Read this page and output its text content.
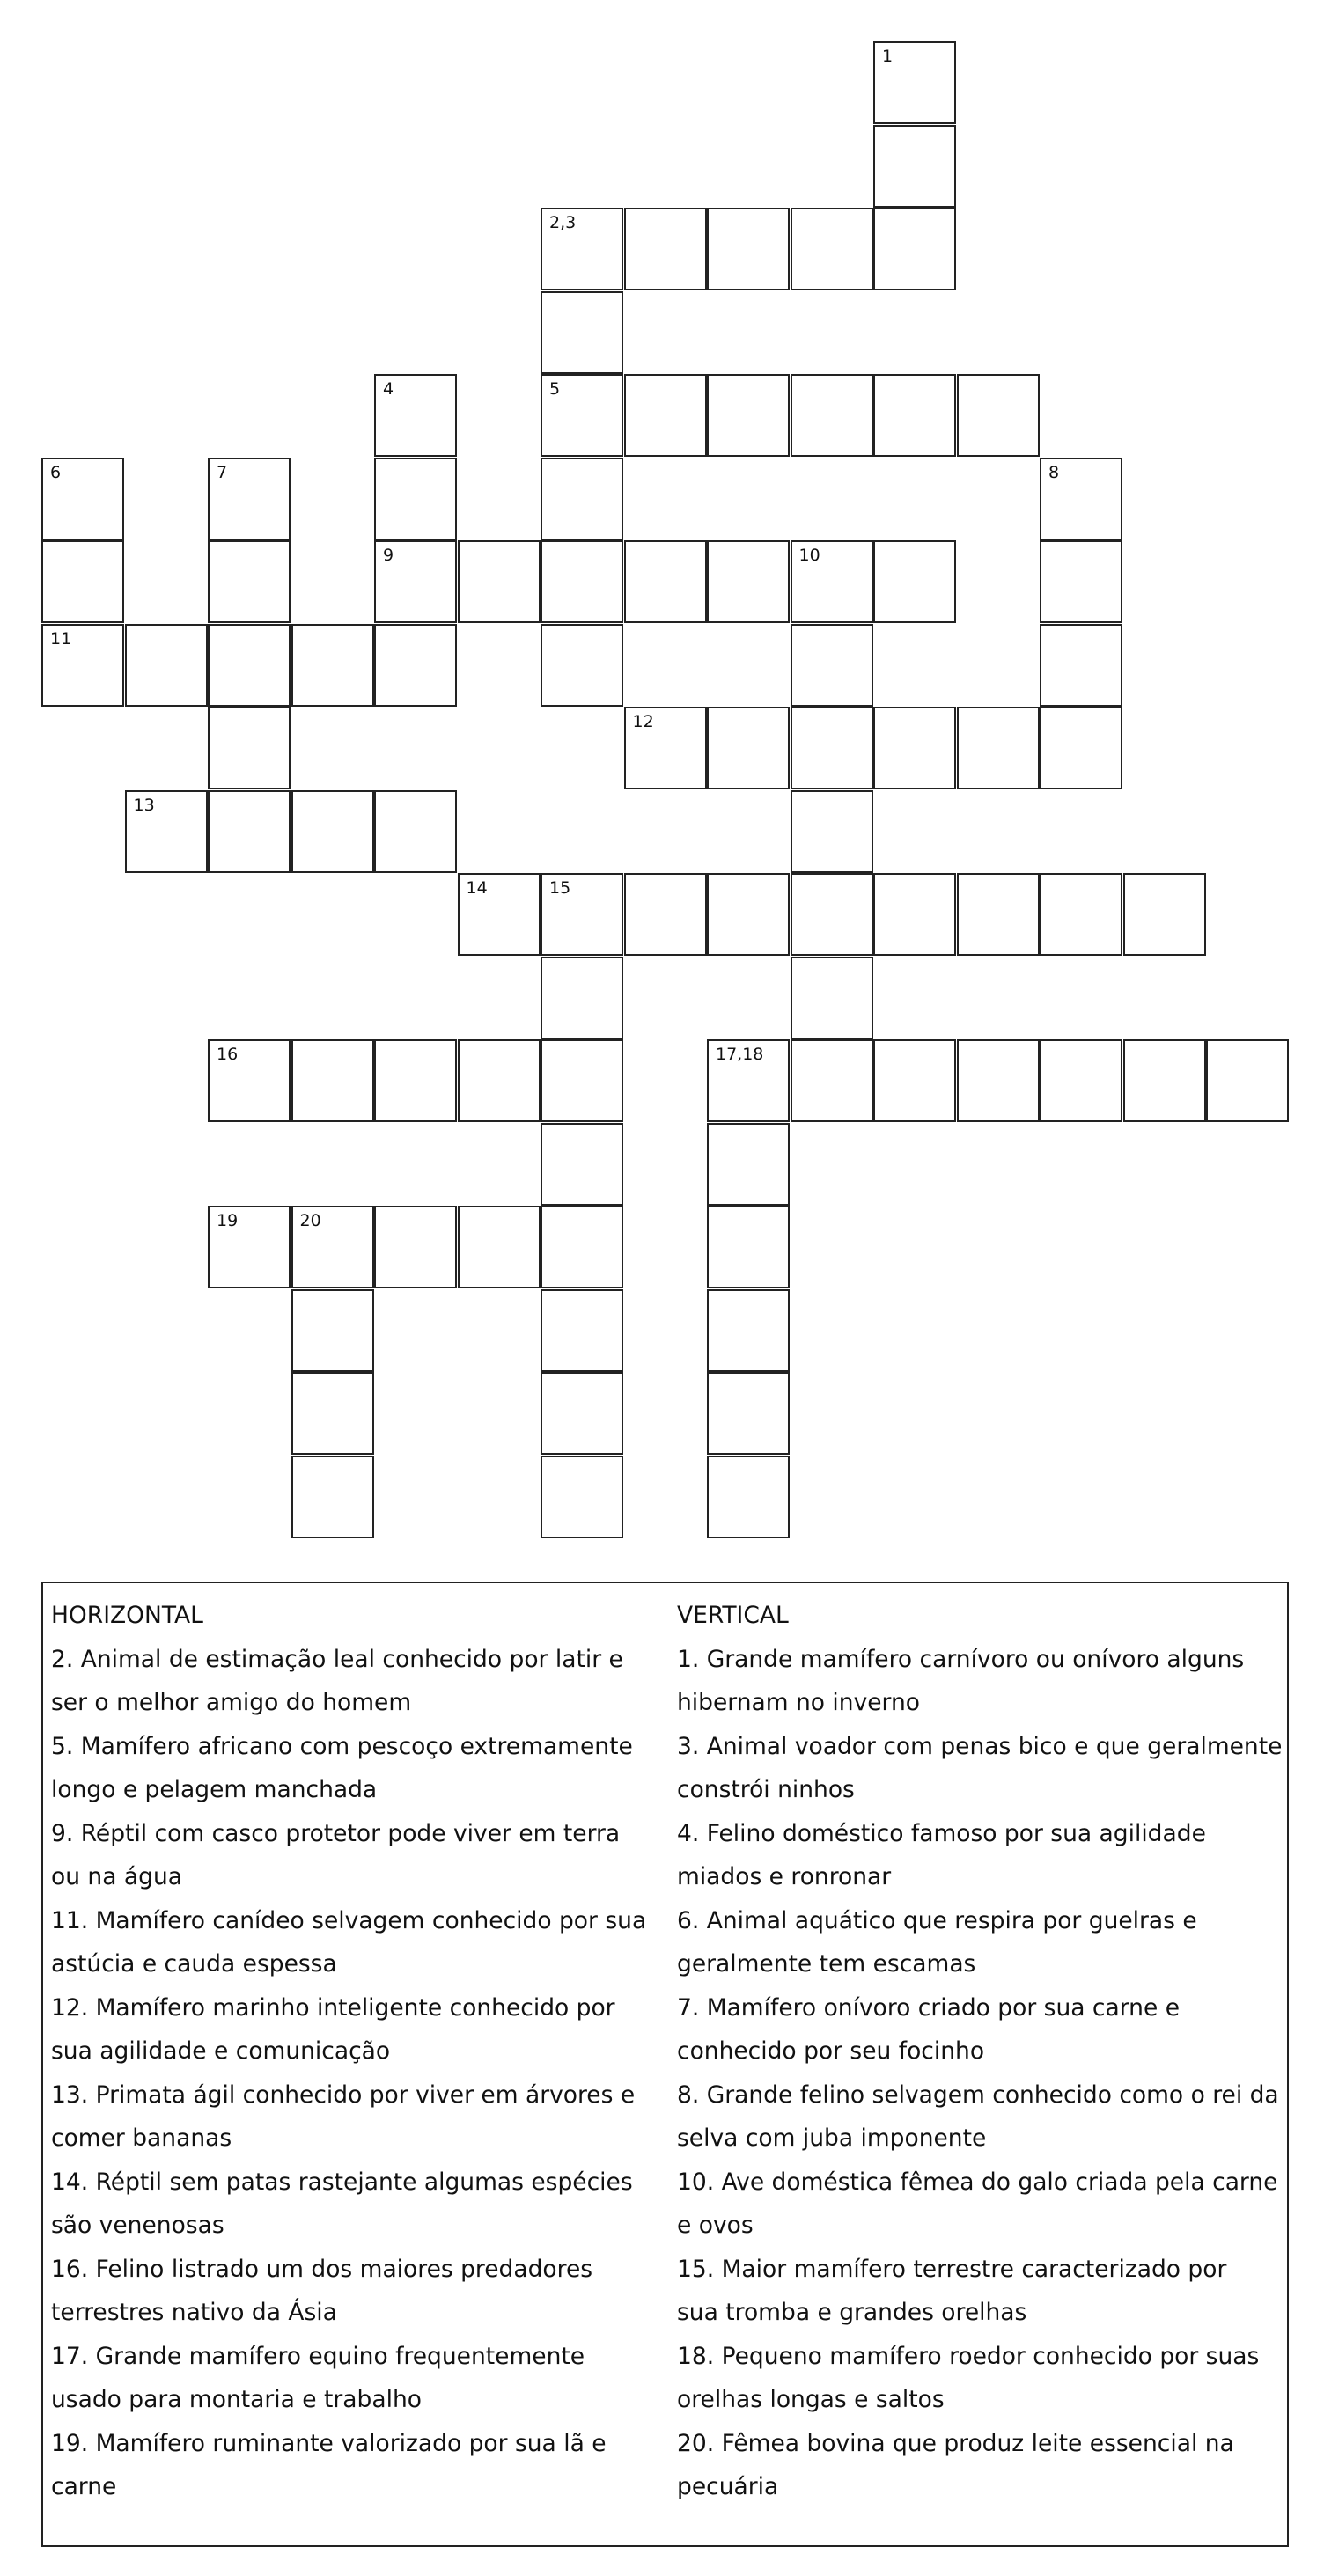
1
2,3
4	5
6	7	8
9	10
11
12
13
14	15
16	17,18
19	20
HORIZONTAL
2. Animal de estimação leal conhecido por latir e
ser o melhor amigo do homem
5. Mamífero africano com pescoço extremamente
longo e pelagem manchada
9. Réptil com casco protetor pode viver em terra
ou na água
11. Mamífero canídeo selvagem conhecido por sua
astúcia e cauda espessa
12. Mamífero marinho inteligente conhecido por
sua agilidade e comunicação
13. Primata ágil conhecido por viver em árvores e
comer bananas
14. Réptil sem patas rastejante algumas espécies
são venenosas
16. Felino listrado um dos maiores predadores
terrestres nativo da Ásia
17. Grande mamífero equino frequentemente
usado para montaria e trabalho
19. Mamífero ruminante valorizado por sua lã e
carne
VERTICAL
1. Grande mamífero carnívoro ou onívoro alguns
hibernam no inverno
3. Animal voador com penas bico e que geralmente
constrói ninhos
4. Felino doméstico famoso por sua agilidade
miados e ronronar
6. Animal aquático que respira por guelras e
geralmente tem escamas
7. Mamífero onívoro criado por sua carne e
conhecido por seu focinho
8. Grande felino selvagem conhecido como o rei da
selva com juba imponente
10. Ave doméstica fêmea do galo criada pela carne
e ovos
15. Maior mamífero terrestre caracterizado por
sua tromba e grandes orelhas
18. Pequeno mamífero roedor conhecido por suas
orelhas longas e saltos
20. Fêmea bovina que produz leite essencial na
pecuária
